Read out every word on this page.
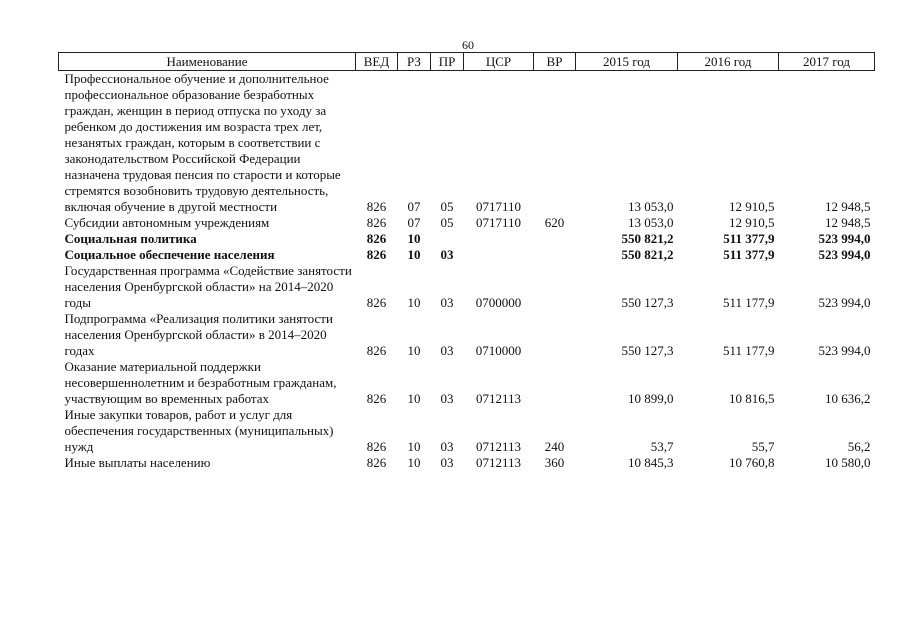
60
Наименование	ВЕД	РЗ	ПР	ЦСР	ВР	2015 год	2016 год	2017 год
Профессиональное обучение и дополнительное профессиональное образование безработных граждан, женщин в период отпуска по уходу за ребенком до достижения им возраста трех лет, незанятых граждан, которым в соответствии с законодательством Российской Федерации назначена трудовая пенсия по старости и которые стремятся возобновить трудовую деятельность, включая обучение в другой местности	826	07	05	0717110		13 053,0	12 910,5	12 948,5
Субсидии автономным учреждениям	826	07	05	0717110	620	13 053,0	12 910,5	12 948,5
Социальная политика	826	10				550 821,2	511 377,9	523 994,0
Социальное обеспечение населения	826	10	03			550 821,2	511 377,9	523 994,0
Государственная программа «Содействие занятости населения Оренбургской области» на 2014–2020 годы	826	10	03	0700000		550 127,3	511 177,9	523 994,0
Подпрограмма «Реализация политики занятости населения Оренбургской области» в 2014–2020 годах	826	10	03	0710000		550 127,3	511 177,9	523 994,0
Оказание материальной поддержки несовершеннолетним и безработным гражданам, участвующим во временных работах	826	10	03	0712113		10 899,0	10 816,5	10 636,2
Иные закупки товаров, работ и услуг для обеспечения государственных (муниципальных) нужд	826	10	03	0712113	240	53,7	55,7	56,2
Иные выплаты населению	826	10	03	0712113	360	10 845,3	10 760,8	10 580,0
